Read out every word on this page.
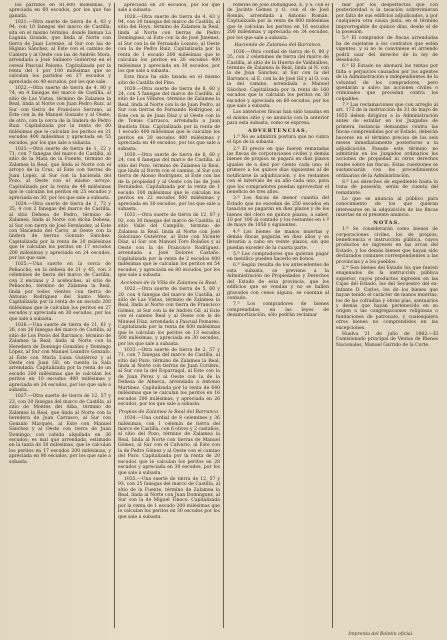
los partidos en 81,600 milésimas, y apreciada en 60 escudos, por los que fue ganada.

1021.—Otra suerte de tierra de 4, 43 y 94, con 10 fanegas del marco de Castilla, sita en el mismo término, donde llaman La Laguna Grande, que linda al Norte con tierra de Juan Lorenzo, al Sur con las de Higinio Sánchez, al Este con el camino de Cantera y al Oeste con las de Andrés Mora, arrendada a José Salinero Gutiérrez en el cereal Pascual Palomo. Capitalizada por la renta del 1 por 100 milésimas que se calculan los partidos en 27 escudos y apreciada en 40 escudos, por los que sale.

1022.—Otra suerte de tierra de 4, 80 y 74, en 4 fanegas del marco de Castilla, al sitio de Las Vistas, término de Zalamea la Real, linda al Norte con Juan Pedro Ruiz, al Sur con tierra de Francisco Serrano, al Este con la de Manuel Gonzalo y al Oeste, de otro, con la cerca de la lindera de Pedro Ruiz. Capitalizada por la renta de 60 milésimas que le calculan los peritos en 21 escudos 400 milésimas y apreciada en 55 escudos, por los que sale a subasta.

1023.—Otra suerte de tierra de 1, 22 y 71, con 7 fanegas del marco de Castilla, al sitio de la Mata de la Fuente, término de Zalamea la Real, que linda al Norte con el arroyo de la Cruz, al Este con tierras de Juan Lopez, al Sur con la hacienda del Pozo, al Oeste con el mismo arroyo. Capitalizada por la renta de 49 milésimas que le calculan los peritos en 25 escudos y apreciada en 30, por los que sale a subasta.

1024.—Otra suerte de tierra de 1, 72 y 35, 4 con 2 fanegas del marco de Castilla, al sitio Dehesa de Pedro, término de Zalamea, linda al Norte con dicha Dehesa, al Sur con tierra de José Fernández, al Este con Hacienda del Cerro, al Oeste con la lindera de tierras Gonzalo Sánchez. Capitalizada por la renta de 20 milésimas que le calculan los peritos en 17 escudos 200 milésimas y apreciada en 24 escudos, por los que sale.

1025.—Una suerte en la cerca de Peñaocho, en la dehesa de 21 y 45, con 3 celemines de tierra del marco de Castilla, con 2 encinas y 3 acebuches, al sitio de Peñaocho, término de Zalamea la Real, linda por todos vientos con tierra de Antonio Rodríguez del Santo Mero. Capitalizada por la renta de un escudo 200 milésimas que le calculan los peritos en 27 escudos y apreciada en 30 escudos, por los que sale a subasta.

1026.—Una suerte de tierra de 21, 61 y 26, con 26 fanegas del marco de Castilla, al sitio de Los Pozos del Barranco, término de Zalamea la Real, linda al Norte con la Heredera de Domingo González y Domingo López, al Sur con Manuel Leandro Gonzalo, al Este con María Luisa Gutiérrez y al Oeste con Juan Gil, en cuenta la Sala arrendada. Capitalizada por la renta de un escudo 200 milésimas que le calculan los peritos en 10 escudos 400 milésimas y apreciada en 24 escudos, por los que sale a subasta.

1027.—Otra suerte de tierra de 12, 57 y 23, con 20 fanegas del marco de Castilla, al sitio de Montes del Alba, término de Zalamea la Real, que linda al Norte con la heredera de Juan Carrasco, al Sur con Gonzalo Marqués, al Este con Manuel Sánchez y al Oeste con tierra de Juan Domingo, con cabida alquilada en 36 escudos; es mal que arrendada, estimado en la tanta de 30 milésimas, que le calculan los peritos en 17 escudos 200 milésimas, y apreciada en 90 escudos, por los que sale a subasta.

apreciada en 20 escudos, por los que sale a subasta.

1028.—Otra suerte de tierra de 4, 43 y 94, con 10 fanegas del marco de Castilla, al sitio del Hoyo, término de Zalamea la Real, linda al Norte con tierras de Pedro Domínguez, al Este con la de José Jiménez, al Sur con la de Fernando Lozano, al Oeste con la de Pedro Ruiz, Capitalizada por la renta de 1 escudo 200 milésimas que le calculan los peritos en 20 escudos 400 milésimas y apreciada en 30 escudos, por los que sale a subasta.

Esta finca ha sido tasada en el mismo sitio de Castilla del Pino.

1029.—Otra suerte de tierra de 8, 60 y 24, con 5 fanegas del marco de Castilla, al sitio de Los Villares, término de Zalamea la Real, linda al Norte con la de Juan Pedro, al Sur con tierras de Fernando Rodríguez, al Este con la de Juan Díaz y al Oeste con la de Tomás Carrasco, arrendada a Juan Bautista Díaz. Capitalizada por la renta de 1 escudo 400 milésimas que le calculan los peritos en 28 escudos 400 milésimas y apreciada en 40 escudos, por los que sale a subasta.

1030.—Otra suerte de tierra de 6, 60 y 24, con 6 fanegas del marco de Castilla, al sitio del Pozo, término de Zalamea la Real, que linda al Norte con el camino, al Sur con tierra de Alonso Rodríguez, al Este con las de la propiedad y al Oeste con las de José Fernández. Capitalizada por la renta de 1 escudo 100 milésimas que le calculan los peritos en 22 escudos 600 milésimas y apreciada en 30 escudos, por los que sale a subasta.

1031.—Otra suerte de tierra de 12, 87 y 92, con 30 fanegas del marco de Castilla, al sitio Valle del Campillo, término de Zalamea la Real, linda al Norte con José Solorzano Gutiérrez, al Este con Vicente Díaz, al Sur con Manuel Toro Bolaños y al Oeste con la de Francisco Rodríguez, arrendada a José Dolores Castaño. Capitalizada por la renta de 2 escudos 400 milésimas que le calculan los peritos en 54 escudos, y apreciada en 80 escudos, por los que sale a subasta.

Acciones de la Villa de Zalamea la Real.

1032.—Otra suerte de tierra de 5, 60 y 20, con 4 fanegas del marco de Castilla, al sitio de Las Vistas, término de Zalamea la Real, linda al Norte con tierra de Francisco Gómez, al Sur con la de Andrés Gil, al Este con el camino Real y al Oeste con la de Manuel Díaz, arrendada a Pascual Pomares. Capitalizada por la renta de 600 milésimas que le calculan los peritos en 13 escudos 500 milésimas, y apreciada en 30 escudos, por los que sale a subasta.

1033.—Otra suerte de tierra de 2, 57 y 71, con 7 fanegas del marco de Castilla, al sitio del Pozo, término de Zalamea la Real, linda al Norte con tierras de Juan Cordero, al Sur con la del Esparragal, al Este con la de Juan Pérez y al Oeste con la de la Dehesa de Alberca, arrendada a Antonio Martínez. Capitalizada por la renta de 640 milésimas que le calculan los peritos en 16 escudos 200 milésimas, y apreciada en 26 escudos, por los que sale a subasta.

Propios de Zalamea la Real del Barranco.

1034.—Una cordial de 8 celemines y 36 milésimas, con 1 celemín de tierra del marco de Castilla, con 6 olivos y 2 castaños, al sitio del Pozo, término de Zalamea la Real, linda al Norte con tierras de Manuel Gómez, al Sur con el Calvario, al Este con la de Pedro Gómez y al Oeste con el camino del Pozo. Capitalizada por la renta de 20 escudos que le calculan los peritos en 28 escudos y apreciada en 30 escudos, por los que sale a subasta.

1035.—Una suerte de tierra de 12, 57 y 93, con 25 fanegas del marco de Castilla, al sitio de la Fuente, término de Zalamea la Real, linda al Norte con Juan Domínguez, al Sur con la de Miguel Tinoco. Capitalizada por la renta de 1 escudo 200 milésimas que le calculan los peritos en 30 escudos por los que sale a subasta.

rederas de José Domínguez, E. y S. con el de Jacinto Gómez y O. con el de José Román, arrendada a Antonio Román. Capitalizada por la renta de 800 milésimas que le calculan los peritos en 16 escudos 200 milésimas y apreciada en 34 escudos, por los que sale a subasta.

Hacienda de Zalamea del Barranco.

1036.—Otra cordial de tierra de 6, 80 y 35, con 2 celemines de tierra del marco de Castilla, al sitio de la Huerta de Valdealbos, término de Zalamea la Real, linda al N. con la de Juan Sánchez, al Sur con la del Barranco, al E. con la de José Gil y al O. con la del camino, arrendada a Manuel Sánchez. Capitalizada por la renta de 160 escudos que le calculan los peritos en 30 escudos y apreciada en 60 escudos, por los que sale a subasta.

Las anteriores fincas han sido tasadas en el mismo sitio y se anuncia con la anterior para esta subasta, como se expresa.

ADVERTENCIAS.

1.ª No se admitirá postura que no cubra el tipo de la subasta.

2.ª El precio en que fueren rematadas las fincas de corporaciones civiles y demás bienes de propios se pagará en diez plazos iguales de a diez por ciento cada uno; el primero a los quince días siguientes al de notificarse la adjudicación, y los restantes con el intervalo de un año cada uno, para que los compradores puedan aprovechar el beneficio de tres años.

3.ª Los fincas de menor cuantía del Estado que no excedan de 250 escudos en tasación se pagarán en diez plazos y de los bienes del clero en quince plazos, a saber, 10 por 100 al contado y los restantes en 1.º de mayo de 1856 y siguientes.

4.ª Los bienes de manos muertas y demás fincas pagarán en diez años y se llevarán a cabo en veinte plazos, sin que puedan exceder de la cuarta parte.

5.ª Los compradores que quieran pagar en metálico pueden hacerlo en bonos.

6.ª Según resulta de los antecedentes de esta subasta, se previene a la Administración de Propiedades y Derechos del Estado de esta provincia, que los edificios que se vendan y no se hallen gravados con censo alguno, se cuentan al contado.

7.ª Los compradores de bienes comprendidos en las leyes de desamortización, sólo podrán reclamar

mar por los desperfectos que con posterioridad a la tasación sobrevinieran por falta de sus edificios adjudicados, a por cualquiera otra causa justa, en el término improrrogable de quince días, desde el de la posesión.

5.ª El comprador de fincas arrendadas ha de sujetarse a los contratos que estén vigentes, y si no le conviniese el arriendo podrá usar del derecho de la ley de desahucio.

6.ª El Estado no abonará las rentas por falta o perjuicios causados por los agentes de la Administración e independientes de la voluntad de los compradores, pero quedarán a salvo las acciones civiles o criminales que procedan contra los culpables.

7.ª Las reclamaciones que con arreglo al art. 173 de la instrucción de 31 de mayo de 1855 deben dirigirse a la Administración antes de estallar en los Juzgados de primera instancia demandas contra las fincas comprendidas por el Estado, deberán hacerse en el término preciso de los seis meses inmediatamente posteriores a la adjudicación. Pasado este término no admitirán en los Juzgados ordinarios los acciones de propiedad ni otros derechos reales sobre las fincas. Estas cuestiones se sustanciarán con los procedimientos ordinarios de la Administración.

8.ª Los derechos de expediente hasta la toma de posesión, serán de cuenta del rematante.

Lo que se anuncia al público para conocimiento de los que quieran interesarse en la adquisición de las fincas insertas en el presente anuncio.

NOTAS.

1.ª Se considerarán como bienes de corporaciones civiles, los de propios, beneficencia e instrucción pública, cuyos productos no ingresen en las arcas del Estado, y los demás bienes que hayan sido declarados comunes correspondientes a las provincias y a los pueblos.

2.ª Son bienes del Estado los que fueren enajenados de la instrucción pública superior, cuyos productos ingresen en las Cajas del Estado, los del Secuestro del ex-Infante D. Carlos, los de los bienes que hayan tenido el carácter de manos muertas, los de las cofradías y obras pías, santuarios y demás que hayan pertenecido en su origen a las congregaciones religiosas o fundaciones de patronato, y cualesquiera otros bienes no comprendidos en las excepciones.

Huelva 21 de julio de 1862.—El Comisionado principal de Ventas de Bienes Nacionales, Manuel Garrido de la Corte.

Imprenta del Boletín oficial.
